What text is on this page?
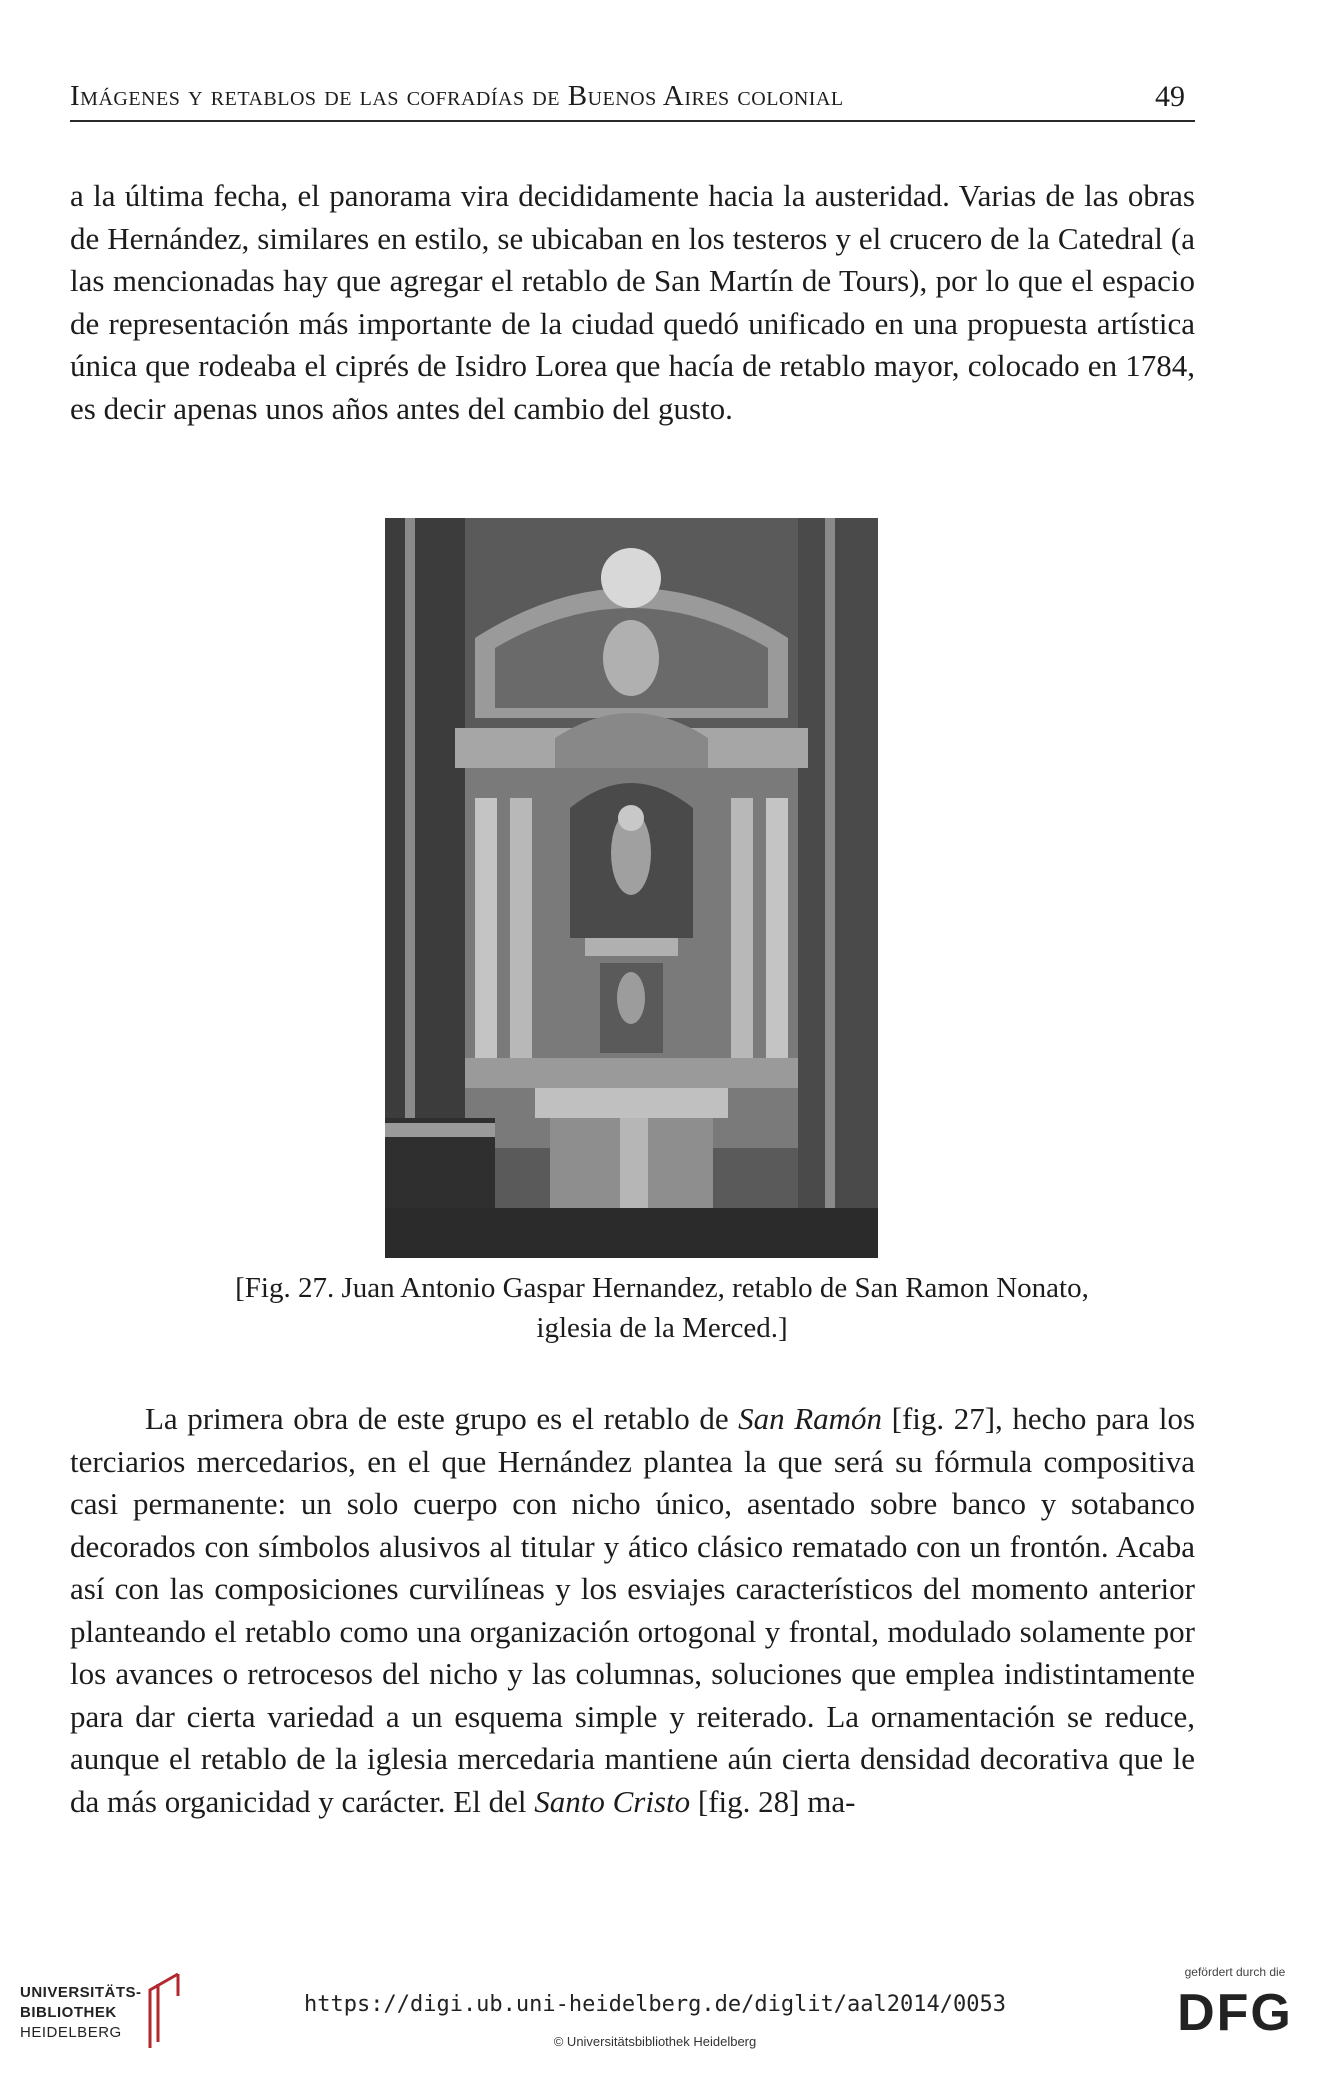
Imágenes y retablos de las cofradías de Buenos Aires colonial	49

a la última fecha, el panorama vira decididamente hacia la austeridad. Varias de las obras de Hernández, similares en estilo, se ubicaban en los testeros y el crucero de la Catedral (a las mencionadas hay que agregar el retablo de San Martín de Tours), por lo que el espacio de representación más importante de la ciudad quedó unificado en una propuesta artística única que rodeaba el ciprés de Isidro Lorea que hacía de retablo mayor, colocado en 1784, es decir apenas unos años antes del cambio del gusto.

[Fig. 27. Juan Antonio Gaspar Hernandez, retablo de San Ramon Nonato,
iglesia de la Merced.]

La primera obra de este grupo es el retablo de San Ramón [fig. 27], hecho para los terciarios mercedarios, en el que Hernández plantea la que será su fórmula compositiva casi permanente: un solo cuerpo con nicho único, asentado sobre banco y sotabanco decorados con símbolos alusivos al titular y ático clásico rematado con un frontón. Acaba así con las composiciones curvilíneas y los esviajes característicos del momento anterior planteando el retablo como una organización ortogonal y frontal, modulado solamente por los avances o retrocesos del nicho y las columnas, soluciones que emplea indistintamente para dar cierta variedad a un esquema simple y reiterado. La ornamentación se reduce, aunque el retablo de la iglesia mercedaria mantiene aún cierta densidad decorativa que le da más organicidad y carácter. El del Santo Cristo [fig. 28] ma-

UNIVERSITÄTS-
BIBLIOTHEK
HEIDELBERG
https://digi.ub.uni-heidelberg.de/diglit/aal2014/0053
© Universitätsbibliothek Heidelberg
gefördert durch die
DFG
